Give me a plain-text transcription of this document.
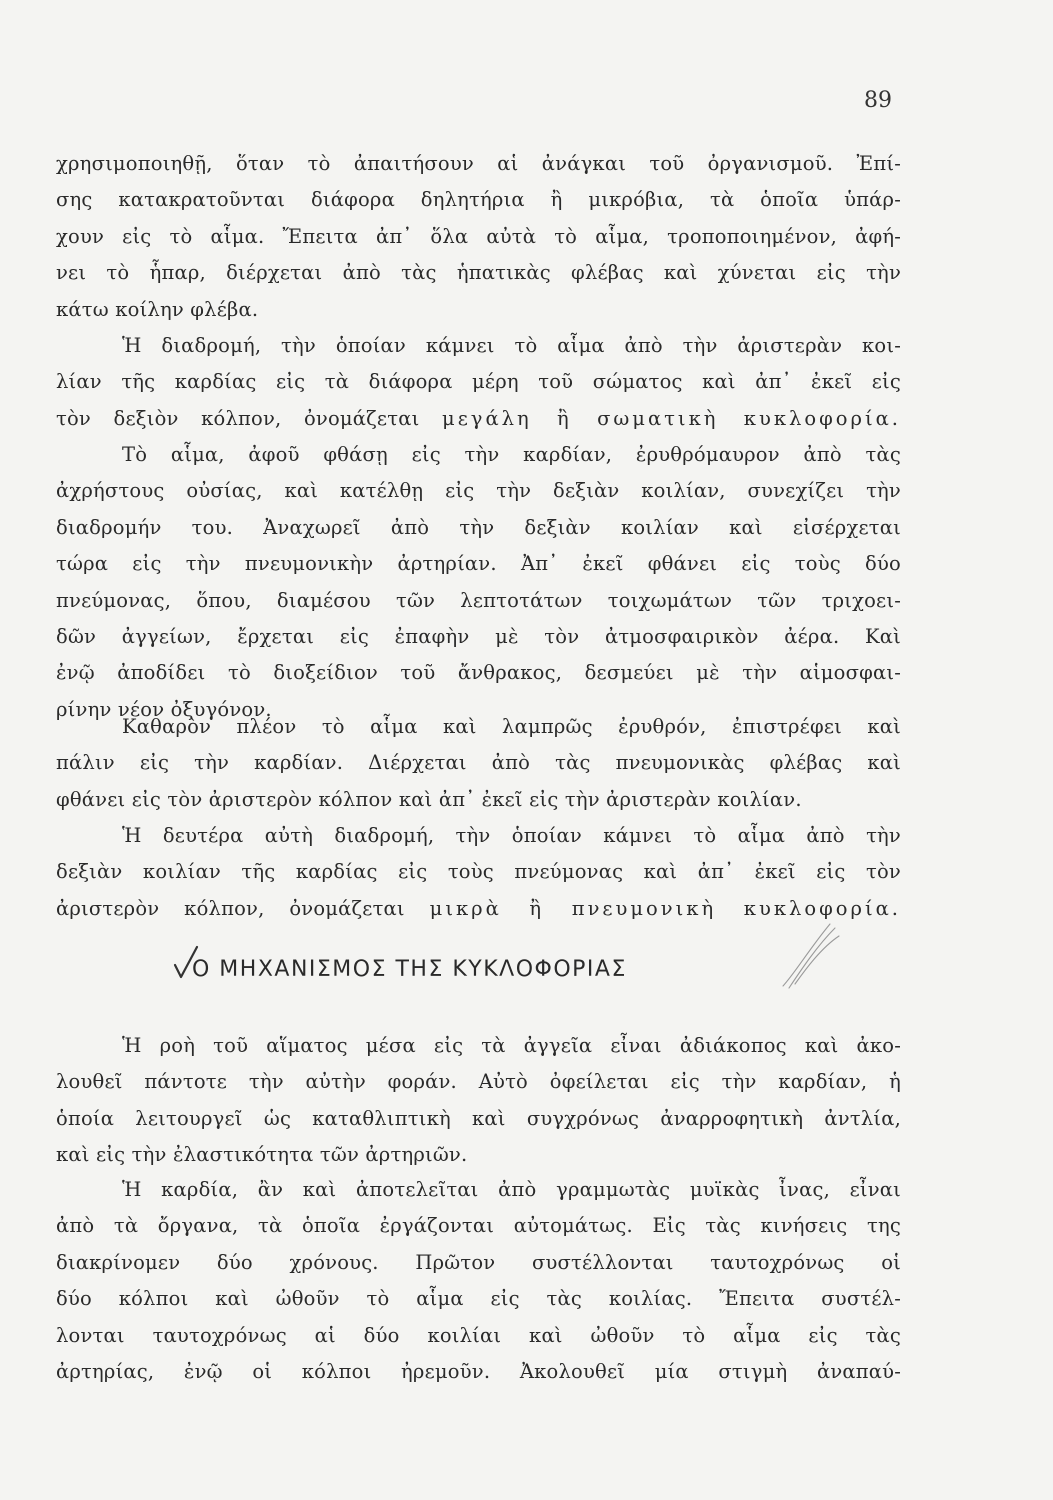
89
χρησιμοποιηθῇ, ὅταν τὸ ἀπαιτήσουν αἱ ἀνάγκαι τοῦ ὀργανισμοῦ. Ἐπί-
σης κατακρατοῦνται διάφορα δηλητήρια ἢ μικρόβια, τὰ ὁποῖα ὑπάρ-
χουν εἰς τὸ αἷμα. Ἔπειτα ἀπ᾽ ὅλα αὐτὰ τὸ αἷμα, τροποποιημένον, ἀφή-
νει τὸ ἧπαρ, διέρχεται ἀπὸ τὰς ἡπατικὰς φλέβας καὶ χύνεται εἰς τὴν
κάτω κοίλην φλέβα.
Ἡ διαδρομή, τὴν ὁποίαν κάμνει τὸ αἷμα ἀπὸ τὴν ἀριστερὰν κοι-
λίαν τῆς καρδίας εἰς τὰ διάφορα μέρη τοῦ σώματος καὶ ἀπ᾽ ἐκεῖ εἰς
τὸν δεξιὸν κόλπον, ὀνομάζεται μεγάλη ἢ σωματικὴ κυκλοφορία.
Τὸ αἷμα, ἀφοῦ φθάσῃ εἰς τὴν καρδίαν, ἐρυθρόμαυρον ἀπὸ τὰς
ἀχρήστους οὐσίας, καὶ κατέλθῃ εἰς τὴν δεξιὰν κοιλίαν, συνεχίζει τὴν
διαδρομήν του. Ἀναχωρεῖ ἀπὸ τὴν δεξιὰν κοιλίαν καὶ εἰσέρχεται
τώρα εἰς τὴν πνευμονικὴν ἀρτηρίαν. Ἀπ᾽ ἐκεῖ φθάνει εἰς τοὺς δύο
πνεύμονας, ὅπου, διαμέσου τῶν λεπτοτάτων τοιχωμάτων τῶν τριχοει-
δῶν ἀγγείων, ἔρχεται εἰς ἐπαφὴν μὲ τὸν ἀτμοσφαιρικὸν ἀέρα. Καὶ
ἐνῷ ἀποδίδει τὸ διοξείδιον τοῦ ἄνθρακος, δεσμεύει μὲ τὴν αἱμοσφαι-
ρίνην νέον ὀξυγόνον.
Καθαρὸν πλέον τὸ αἷμα καὶ λαμπρῶς ἐρυθρόν, ἐπιστρέφει καὶ
πάλιν εἰς τὴν καρδίαν. Διέρχεται ἀπὸ τὰς πνευμονικὰς φλέβας καὶ
φθάνει εἰς τὸν ἀριστερὸν κόλπον καὶ ἀπ᾽ ἐκεῖ εἰς τὴν ἀριστερὰν κοιλίαν.
Ἡ δευτέρα αὐτὴ διαδρομή, τὴν ὁποίαν κάμνει τὸ αἷμα ἀπὸ τὴν
δεξιὰν κοιλίαν τῆς καρδίας εἰς τοὺς πνεύμονας καὶ ἀπ᾽ ἐκεῖ εἰς τὸν
ἀριστερὸν κόλπον, ὀνομάζεται μικρὰ ἢ πνευμονικὴ κυκλοφορία.
Ο ΜΗΧΑΝΙΣΜΟΣ ΤΗΣ ΚΥΚΛΟΦΟΡΙΑΣ
Ἡ ροὴ τοῦ αἵματος μέσα εἰς τὰ ἀγγεῖα εἶναι ἀδιάκοπος καὶ ἀκο-
λουθεῖ πάντοτε τὴν αὐτὴν φοράν. Αὐτὸ ὀφείλεται εἰς τὴν καρδίαν, ἡ
ὁποία λειτουργεῖ ὡς καταθλιπτικὴ καὶ συγχρόνως ἀναρροφητικὴ ἀντλία,
καὶ εἰς τὴν ἐλαστικότητα τῶν ἀρτηριῶν.
Ἡ καρδία, ἂν καὶ ἀποτελεῖται ἀπὸ γραμμωτὰς μυϊκὰς ἶνας, εἶναι
ἀπὸ τὰ ὄργανα, τὰ ὁποῖα ἐργάζονται αὐτομάτως. Εἰς τὰς κινήσεις της
διακρίνομεν δύο χρόνους. Πρῶτον συστέλλονται ταυτοχρόνως οἱ
δύο κόλποι καὶ ὠθοῦν τὸ αἷμα εἰς τὰς κοιλίας. Ἔπειτα συστέλ-
λονται ταυτοχρόνως αἱ δύο κοιλίαι καὶ ὠθοῦν τὸ αἷμα εἰς τὰς
ἀρτηρίας, ἐνῷ οἱ κόλποι ἠρεμοῦν. Ἀκολουθεῖ μία στιγμὴ ἀναπαύ-
